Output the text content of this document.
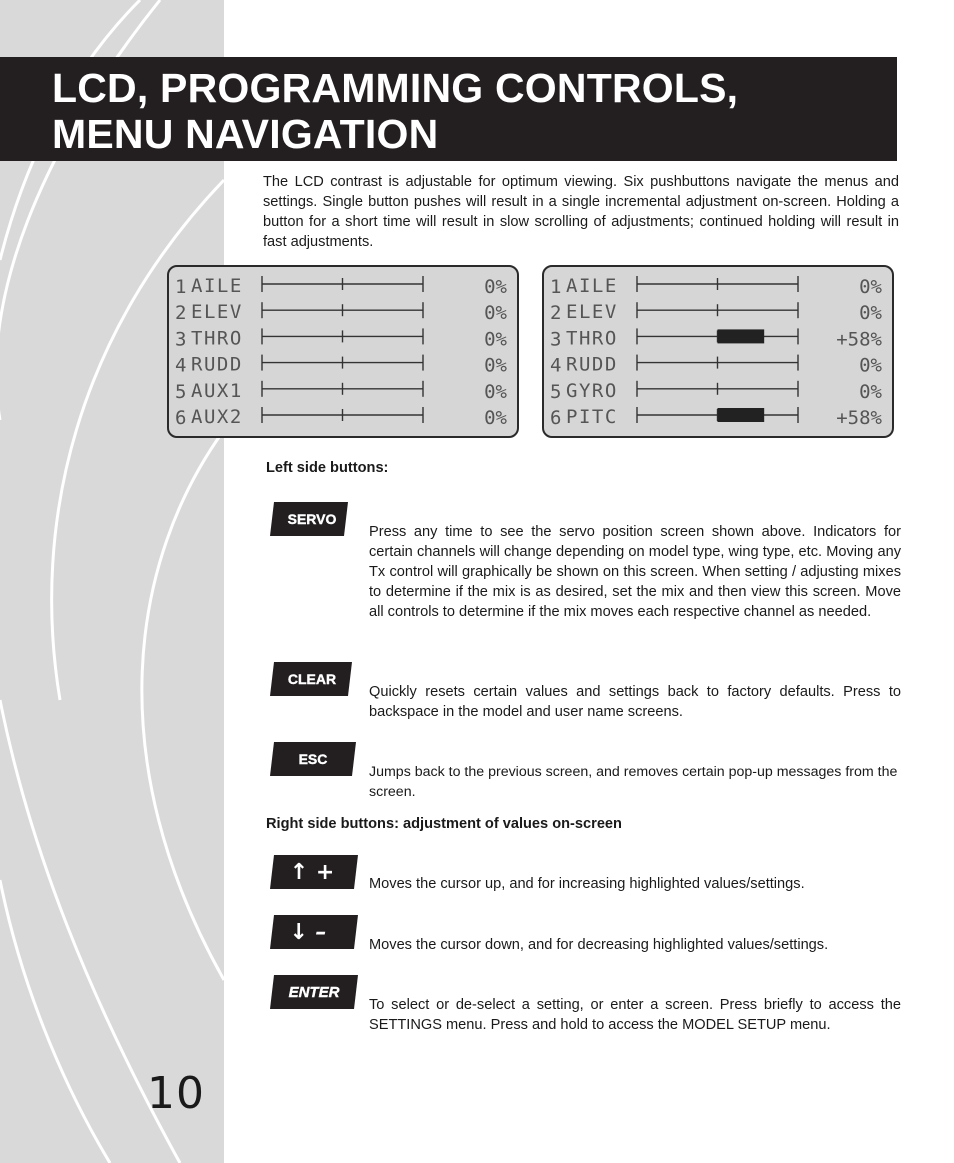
LCD, PROGRAMMING CONTROLS,
MENU NAVIGATION

The LCD contrast is adjustable for optimum viewing. Six pushbuttons navigate the menus and settings. Single button pushes will result in a single incremental adjustment on-screen. Holding a button for a short time will result in slow scrolling of adjustments; continued holding will result in fast adjustments.

1 AILE	0%
2 ELEV	0%
3 THRO	0%
4 RUDD	0%
5 AUX1	0%
6 AUX2	0%
1 AILE	0%
2 ELEV	0%
3 THRO	+58%
4 RUDD	0%
5 GYRO	0%
6 PITC	+58%
Left side buttons:
SERVO

Press any time to see the servo position screen shown above. Indicators for certain channels will change depending on model type, wing type, etc. Moving any Tx control will graphically be shown on this screen. When setting / adjusting mixes to determine if the mix is as desired, set the mix and then view this screen. Move all controls to determine if the mix moves each respective channel as needed.

CLEAR

Quickly resets certain values and settings back to factory defaults. Press to backspace in the model and user name screens.

ESC

Jumps back to the previous screen, and removes certain pop-up messages from the screen.

Right side buttons: adjustment of values on-screen
↑ + Moves the cursor up, and for increasing highlighted values/settings.

↓ –	Moves the cursor down, and for decreasing highlighted values/settings.

ENTER

To select or de-select a setting, or enter a screen. Press briefly to access the SETTINGS menu. Press and hold to access the MODEL SETUP menu.

10
